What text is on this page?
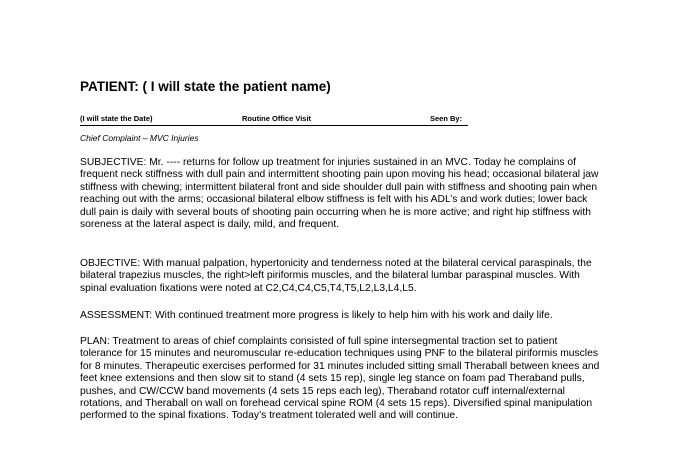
PATIENT: ( I will state the patient name)
(I will state the Date)	Routine Office Visit	Seen By:
Chief Complaint – MVC Injuries

SUBJECTIVE: Mr. ---- returns for follow up treatment for injuries sustained in an MVC. Today he complains of frequent neck stiffness with dull pain and intermittent shooting pain upon moving his head; occasional bilateral jaw stiffness with chewing; intermittent bilateral front and side shoulder dull pain with stiffness and shooting pain when reaching out with the arms; occasional bilateral elbow stiffness is felt with his ADL’s and work duties; lower back dull pain is daily with several bouts of shooting pain occurring when he is more active; and right hip stiffness with soreness at the lateral aspect is daily, mild, and frequent.

OBJECTIVE: With manual palpation, hypertonicity and tenderness noted at the bilateral cervical paraspinals, the bilateral trapezius muscles, the right>left piriformis muscles, and the bilateral lumbar paraspinal muscles. With spinal evaluation fixations were noted at C2,C4,C4,C5,T4,T5,L2,L3,L4,L5.

ASSESSMENT: With continued treatment more progress is likely to help him with his work and daily life.

PLAN: Treatment to areas of chief complaints consisted of full spine intersegmental traction set to patient tolerance for 15 minutes and neuromuscular re-education techniques using PNF to the bilateral piriformis muscles for 8 minutes. Therapeutic exercises performed for 31 minutes included sitting small Theraball between knees and feet knee extensions and then slow sit to stand (4 sets 15 rep), single leg stance on foam pad Theraband pulls, pushes, and CW/CCW band movements (4 sets 15 reps each leg), Theraband rotator cuff internal/external rotations, and Theraball on wall on forehead cervical spine ROM (4 sets 15 reps). Diversified spinal manipulation performed to the spinal fixations. Today’s treatment tolerated well and will continue.
